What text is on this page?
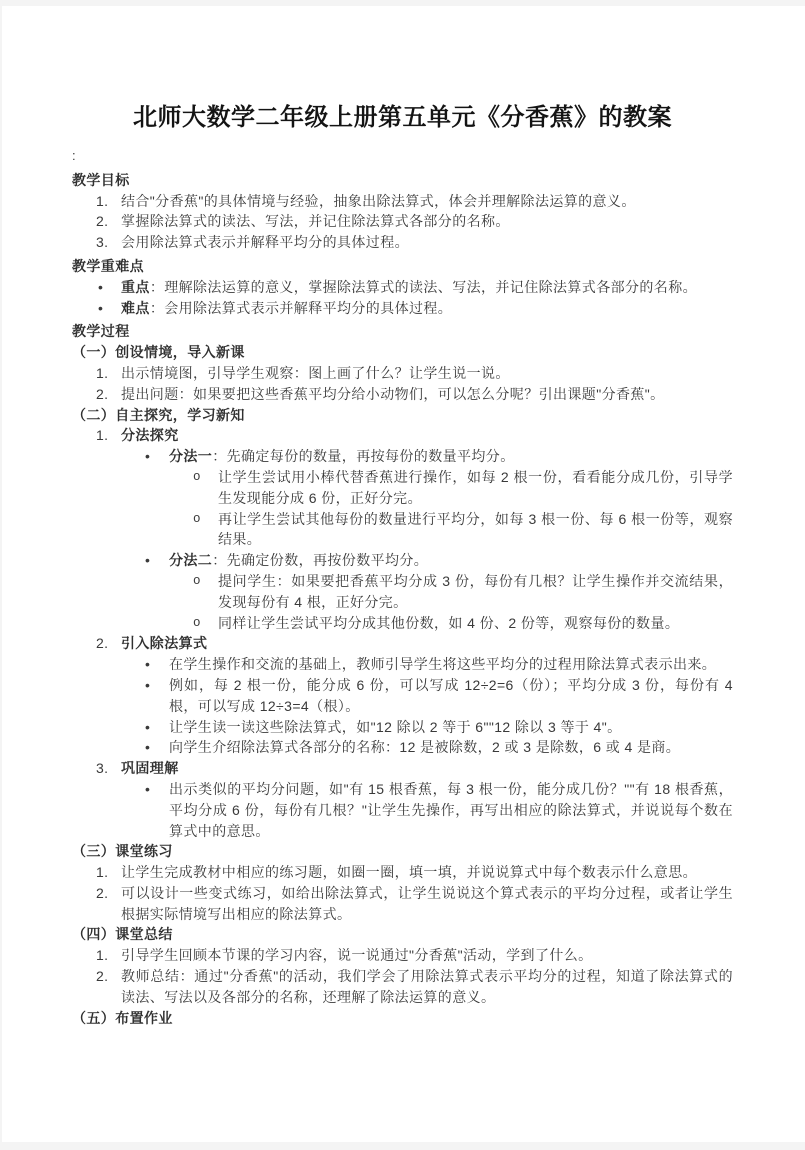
北师大数学二年级上册第五单元《分香蕉》的教案

:

教学目标
1. 结合"分香蕉"的具体情境与经验，抽象出除法算式，体会并理解除法运算的意义。
2. 掌握除法算式的读法、写法，并记住除法算式各部分的名称。
3. 会用除法算式表示并解释平均分的具体过程。
教学重难点
• 重点：理解除法运算的意义，掌握除法算式的读法、写法，并记住除法算式各部分的名称。
• 难点：会用除法算式表示并解释平均分的具体过程。
教学过程
（一）创设情境，导入新课
1. 出示情境图，引导学生观察：图上画了什么？让学生说一说。
2. 提出问题：如果要把这些香蕉平均分给小动物们，可以怎么分呢？引出课题"分香蕉"。
（二）自主探究，学习新知
1. 分法探究
• 分法一：先确定每份的数量，再按每份的数量平均分。
o 让学生尝试用小棒代替香蕉进行操作，如每 2 根一份，看看能分成几份，引导学生发现能分成 6 份，正好分完。
o 再让学生尝试其他每份的数量进行平均分，如每 3 根一份、每 6 根一份等，观察结果。
• 分法二：先确定份数，再按份数平均分。
o 提问学生：如果要把香蕉平均分成 3 份，每份有几根？让学生操作并交流结果，发现每份有 4 根，正好分完。
o 同样让学生尝试平均分成其他份数，如 4 份、2 份等，观察每份的数量。
2. 引入除法算式
• 在学生操作和交流的基础上，教师引导学生将这些平均分的过程用除法算式表示出来。
• 例如，每 2 根一份，能分成 6 份，可以写成 12÷2=6（份）；平均分成 3 份，每份有 4 根，可以写成 12÷3=4（根）。
• 让学生读一读这些除法算式，如"12 除以 2 等于 6""12 除以 3 等于 4"。
• 向学生介绍除法算式各部分的名称：12 是被除数，2 或 3 是除数，6 或 4 是商。
3. 巩固理解
• 出示类似的平均分问题，如"有 15 根香蕉，每 3 根一份，能分成几份？""有 18 根香蕉，平均分成 6 份，每份有几根？"让学生先操作，再写出相应的除法算式，并说说每个数在算式中的意思。
（三）课堂练习
1. 让学生完成教材中相应的练习题，如圈一圈，填一填，并说说算式中每个数表示什么意思。
2. 可以设计一些变式练习，如给出除法算式，让学生说说这个算式表示的平均分过程，或者让学生根据实际情境写出相应的除法算式。
（四）课堂总结
1. 引导学生回顾本节课的学习内容，说一说通过"分香蕉"活动，学到了什么。
2. 教师总结：通过"分香蕉"的活动，我们学会了用除法算式表示平均分的过程，知道了除法算式的读法、写法以及各部分的名称，还理解了除法运算的意义。
（五）布置作业
